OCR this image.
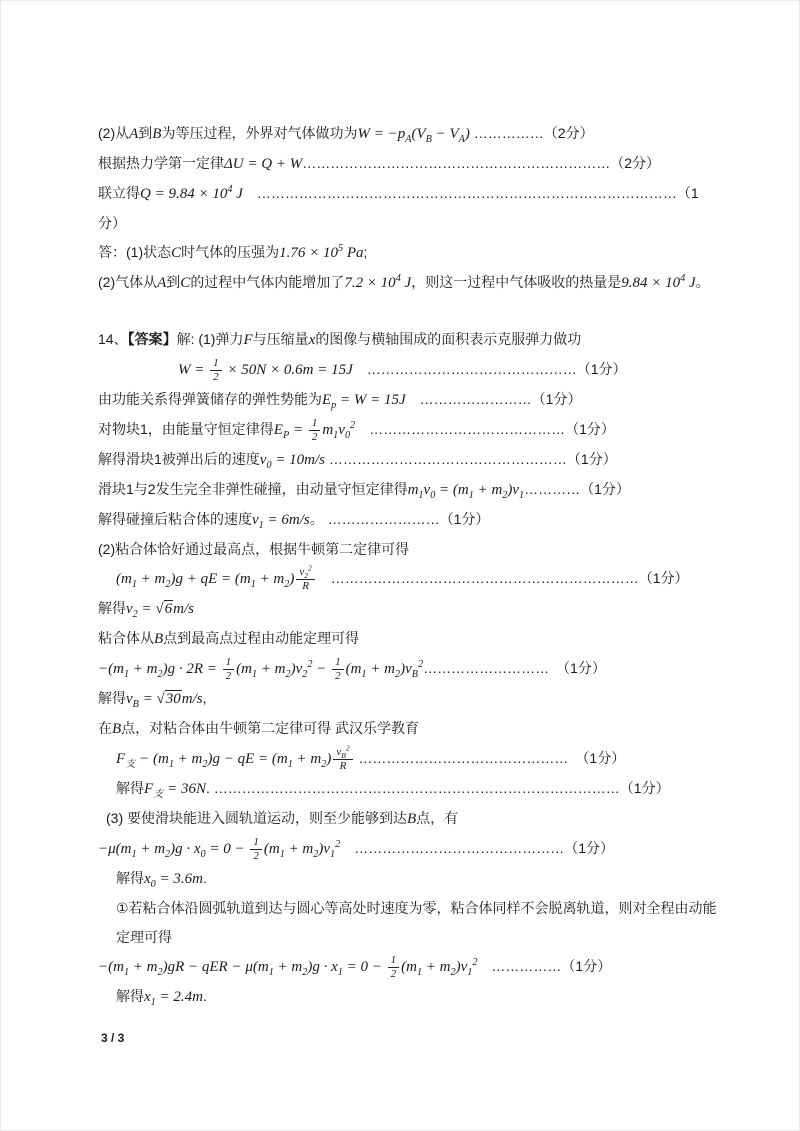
(2)从A到B为等压过程，外界对气体做功为$W = -p_A(V_B - V_A)$ ……………（2分）
根据热力学第一定律ΔU = Q + W…………………………………………………………（2分）
联立得$Q = 9.84 \times 10^4$ J　………………………………………………………………………………（1分）
答：(1)状态C时气体的压强为$1.76 \times 10^5$ Pa;
(2)气体从A到C的过程中气体内能增加了$7.2 \times 10^4$ J，则这一过程中气体吸收的热量是$9.84 \times 10^4$ J。
14、【答案】解: (1)弹力F与压缩量x的图像与横轴围成的面积表示克服弹力做功
$W = \frac{1}{2} \times 50N \times 0.6m = 15J$　………………………………………（1分）
由功能关系得弹簧储存的弹性势能为$E_p = W = 15J$　……………………（1分）
对物块1，由能量守恒定律得$E_P = \frac{1}{2} m_1v_0^2$　……………………………………（1分）
解得滑块1被弹出后的速度$v_0 = 10m/s$ ……………………………………………（1分）
滑块1与2发生完全非弹性碰撞，由动量守恒定律得$m_1v_0 = (m_1$ + $m_2)v_1\dots\dots\dots\dots(1$分）
解得碰撞后粘合体的速度$v_1 = 6m/s$。 ……………………（1分）
(2)粘合体恰好通过最高点，根据牛顿第二定律可得
$(m_1 + m_2)g$ + qE = $(m_1 + m_2) \frac{v_2^2}{R}$ 　…………………………………………………………（1分）
解得$v_2 = √6m/s$
粘合体从B点到最高点过程由动能定理可得
$-(m_1 + m_2)g \cdot 2R = \frac{1}{2} (m_1 + m_2)v_2^2 - \frac{1}{2} (m_1$ + $m_2)v_B^2\dots\dots\dots\dots\dots\dots\dots\dots\dots$　（1分）
解得$v_B = √30m/s$,
在B点，对粘合体由牛顿第二定律可得 武汉乐学教育
$F_支 - (m_1 + m_2)g$ − qE = $(m_1 + m_2) \frac{v_B^2}{R}$ ………………………………………　（1分）
解得$F_支 = 36N$. ……………………………………………………………………………（1分）
(3) 要使滑块能进入圆轨道运动，则至少能够到达B点，有
$-\mu(m_1 + m_2)g \cdot x_0 = 0 - \frac{1}{2} (m_1 + m_2)v_1^2$　………………………………………（1分）
解得$x_0 = 3.6m$.
①若粘合体沿圆弧轨道到达与圆心等高处时速度为零，粘合体同样不会脱离轨道，则对全程由动能定理可得
$-(m_1 + m_2)gR$ − qER − $\mu(m_1 + m_2)g \cdot x_1 = 0 - \frac{1}{2} (m_1 + m_2)v_1^2$　……………（1分）
解得$x_1 = 2.4m$.
3 / 3
